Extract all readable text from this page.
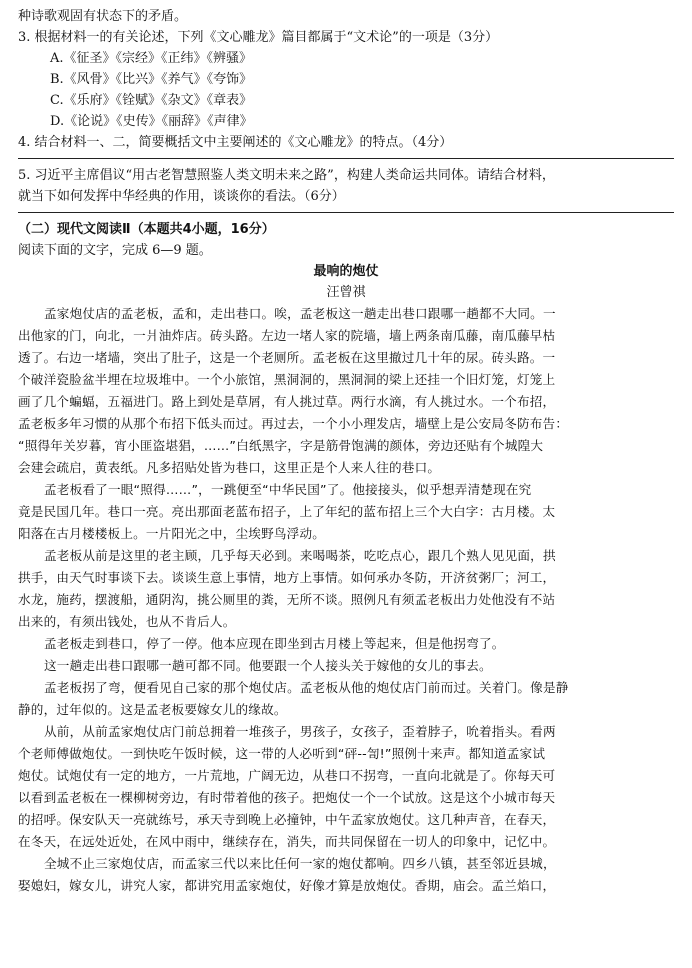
种诗歌观固有状态下的矛盾。
3. 根据材料一的有关论述，下列《文心雕龙》篇目都属于“文术论”的一项是（3分）
A.《征圣》《宗经》《正纬》《辨骚》
B.《风骨》《比兴》《养气》《夸饰》
C.《乐府》《铨赋》《杂文》《章表》
D.《论说》《史传》《丽辞》《声律》
4. 结合材料一、二，简要概括文中主要阐述的《文心雕龙》的特点。（4分）
5. 习近平主席倡议“用古老智慧照鉴人类文明未来之路”，构建人类命运共同体。请结合材料，
就当下如何发挥中华经典的作用，谈谈你的看法。（6分）
（二）现代文阅读Ⅱ（本题共4小题，16分）
阅读下面的文字，完成 6—9 题。
最响的炮仗
汪曾祺
孟家炮仗店的孟老板，孟和，走出巷口。唉，孟老板这一趟走出巷口跟哪一趟都不大同。一
出他家的门，向北，一爿油炸店。砖头路。左边一堵人家的院墙，墙上两条南瓜藤，南瓜藤早枯
透了。右边一堵墙，突出了肚子，这是一个老厕所。孟老板在这里撤过几十年的尿。砖头路。一
个破洋瓷脸盆半埋在垃圾堆中。一个小旅馆，黑洞洞的，黑洞洞的梁上还挂一个旧灯笼，灯笼上
画了几个蝙蝠，五福进门。路上到处是草屑，有人挑过草。两行水滴，有人挑过水。一个布招，
孟老板多年习惯的从那个布招下低头而过。再过去，一个小小理发店，墙壁上是公安局冬防布告：
“照得年关岁暮，宵小匪盗堪猖，……”白纸黑字，字是筋骨饱满的颜体，旁边还贴有个城隍大
会建会疏启，黄表纸。凡多招贴处皆为巷口，这里正是个人来人往的巷口。
孟老板看了一眼“照得……”，一跳便至“中华民国”了。他接接头，似乎想弄清楚现在究
竟是民国几年。巷口一亮。亮出那面老蓝布招子，上了年纪的蓝布招上三个大白字：古月楼。太
阳落在古月楼楼板上。一片阳光之中，尘埃野鸟浮动。
孟老板从前是这里的老主顾，几乎每天必到。来喝喝茶，吃吃点心，跟几个熟人见见面，拱
拱手，由天气时事谈下去。谈谈生意上事情，地方上事情。如何承办冬防，开济贫粥厂；河工，
水龙，施药，摆渡船，通阴沟，挑公厕里的粪，无所不谈。照例凡有须孟老板出力处他没有不站
出来的，有须出钱处，也从不肯后人。
孟老板走到巷口，停了一停。他本应现在即坐到古月楼上等起来，但是他拐弯了。
这一趟走出巷口跟哪一趟可都不同。他要跟一个人接头关于嫁他的女儿的事去。
孟老板拐了弯，便看见自己家的那个炮仗店。孟老板从他的炮仗店门前而过。关着门。像是静
静的，过年似的。这是孟老板要嫁女儿的缘故。
从前，从前孟家炮仗店门前总拥着一堆孩子，男孩子，女孩子，歪着脖子，吮着指头。看两
个老师傅做炮仗。一到快吃午饭时候，这一带的人必听到“砰--訇!”照例十来声。都知道孟家试
炮仗。试炮仗有一定的地方，一片荒地，广阔无边，从巷口不拐弯，一直向北就是了。你每天可
以看到孟老板在一棵柳树旁边，有时带着他的孩子。把炮仗一个一个试放。这是这个小城市每天
的招呼。保安队天一亮就练号，承天寺到晚上必撞钟，中午孟家放炮仗。这几种声音，在春天，
在冬天，在远处近处，在风中雨中，继续存在，消失，而共同保留在一切人的印象中，记忆中。
全城不止三家炮仗店，而孟家三代以来比任何一家的炮仗都响。四乡八镇，甚至邻近县城，
娶媳妇，嫁女儿，讲究人家，都讲究用孟家炮仗，好像才算是放炮仗。香期，庙会。孟兰焰口，
